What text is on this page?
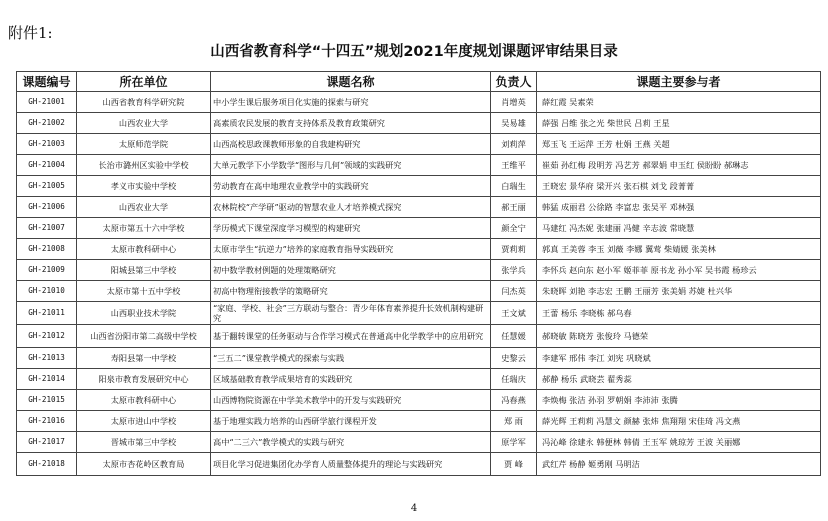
附件1:
山西省教育科学“十四五”规划2021年度规划课题评审结果目录
课题编号	所在单位	课题名称	负责人	课题主要参与者
GH-21001	山西省教育科学研究院	中小学生课后服务项目化实施的探索与研究	肖增英	薛红霞 吴素荣
GH-21002	山西农业大学	高素质农民发展的教育支持体系及教育政策研究	吴易雄	薛强 吕维 张之光 柴世民 吕莉 王星
GH-21003	太原师范学院	山西高校思政课教师形象的自我建构研究	刘莉萍	郑玉飞 王运萍 王芳 杜娟 王燕 关超
GH-21004	长治市潞州区实验中学校	大单元教学下小学数学“图形与几何”领域的实践研究	王维平	崔茹 孙红梅 段明芳 冯艺芳 郝翠娟 申玉红 侯盼盼 郝琳志
GH-21005	孝义市实验中学校	劳动教育在高中地理农业教学中的实践研究	白瑞生	王晓宏 景华府 梁开兴 张石棋 刘戈 段菁菁
GH-21006	山西农业大学	农林院校“产学研”驱动的智慧农业人才培养模式探究	郝王丽	韩猛 成丽君 公徐路 李富忠 张吴平 邓林强
GH-21007	太原市第五十六中学校	学历模式下课堂深度学习模型的构建研究	颜全宁	马建红 冯杰妮 张建丽 冯健 辛志波 常晓慧
GH-21008	太原市教科研中心	太原市学生“抗逆力”培养的家庭教育指导实践研究	贾莉莉	郭真 王美蓉 李玉 刘薇 李娜 翼莺 柴婧媛 张美林
GH-21009	阳城县第三中学校	初中数学教材例题的处理策略研究	张学兵	李怀兵 赵向东 赵小军 姬菲菲 原书龙 孙小军 吴书霞 杨珍云
GH-21010	太原市第十五中学校	初高中物理衔接教学的策略研究	闫杰英	朱晓晖 刘艳 李志宏 王鹏 王丽芳 张美娟 苏婕 杜兴华
GH-21011	山西职业技术学院	“家庭、学校、社会”三方联动与整合：青少年体育素养提升长效机制构建研究	王文斌	王蕾 杨乐 李晓栋 郝乌春
GH-21012	山西省汾阳市第二高级中学校	基于翻转课堂的任务驱动与合作学习模式在普通高中化学教学中的应用研究	任慧媛	郝晓敏 陈晓芳 张俊玲 马德荣
GH-21013	寿阳县第一中学校	“三五二”课堂教学模式的探索与实践	史黎云	李建军 邢伟 李江 刘宪 巩晓斌
GH-21014	阳泉市教育发展研究中心	区域基础教育教学成果培育的实践研究	任瑞庆	郝静 杨乐 武晓芸 翟秀蕊
GH-21015	太原市教科研中心	山西博物院资源在中学美术教学中的开发与实践研究	冯春燕	李焕梅 张洁 孙羽 罗朝娟 李沛沛 张腾
GH-21016	太原市进山中学校	基于地理实践力培养的山西研学旅行课程开发	郑 雨	薛光辉 王莉莉 冯慧文 颜赫 张炜 焦翔翔 宋佳琦 冯文燕
GH-21017	晋城市第三中学校	高中“二三六”教学模式的实践与研究	原学军	冯沁峰 徐建永 韩便林 韩倩 王玉军 姚琼芳 王波 关丽娜
GH-21018	太原市杏花岭区教育局	项目化学习促进集团化办学育人质量整体提升的理论与实践研究	贾 峰	武红芹 杨静 姬勇刚 马明洁
4
